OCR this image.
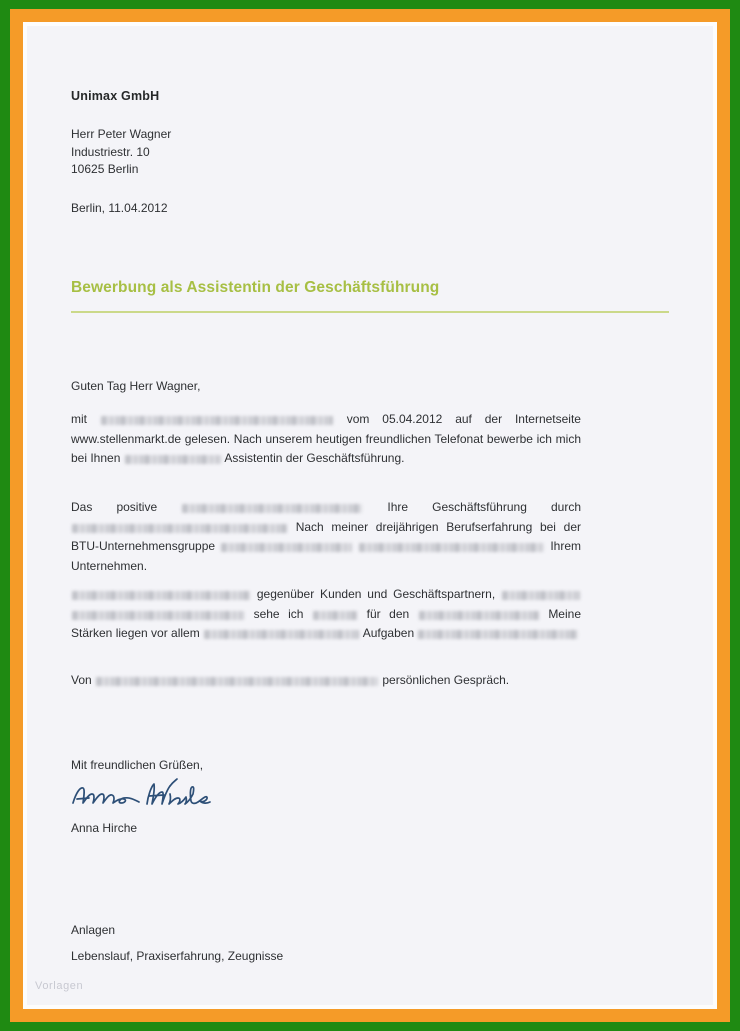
Unimax GmbH
Herr Peter Wagner
Industriestr. 10
10625 Berlin
Berlin, 11.04.2012
Bewerbung als Assistentin der Geschäftsführung
Guten Tag Herr Wagner,
mit	vom 05.04.2012 auf der Internetseite www.stellenmarkt.de gelesen. Nach unserem heutigen freundlichen Telefonat bewerbe ich mich bei Ihnen	Assistentin der Geschäftsführung.
Das positive	Ihre Geschäftsführung durch  Nach meiner dreijährigen Berufserfahrung bei der BTU-Unternehmensgruppe	Ihrem Unternehmen.
gegenüber Kunden und Geschäftspartnern,   sehe ich	für den	Meine Stärken liegen vor allem	Aufgaben
Von	persönlichen Gespräch.
Mit freundlichen Grüßen,
Anna Hirche
Anlagen
Lebenslauf, Praxiserfahrung, Zeugnisse
Vorlagen
